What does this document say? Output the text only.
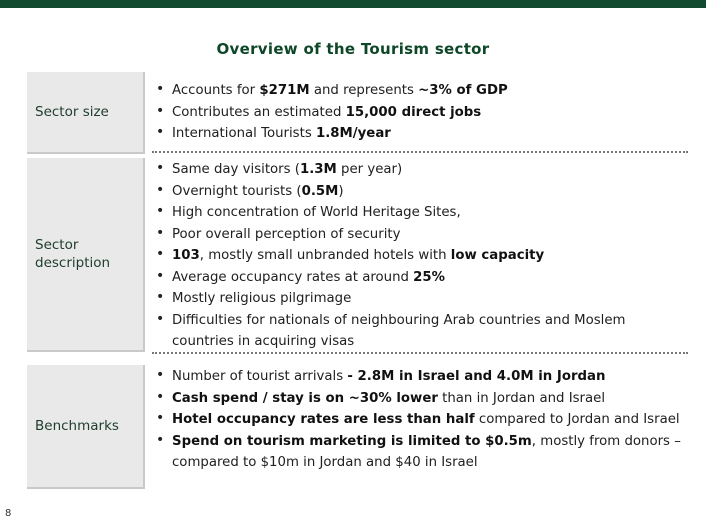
Overview of the Tourism sector
Sector size
• Accounts for $271M and represents ~3% of GDP
• Contributes an estimated 15,000 direct jobs
• International Tourists 1.8M/year
Sector description
• Same day visitors (1.3M per year)
• Overnight tourists (0.5M)
• High concentration of World Heritage Sites,
• Poor overall perception of security
• 103, mostly small unbranded hotels with low capacity
• Average occupancy rates at around 25%
• Mostly religious pilgrimage
• Difficulties for nationals of neighbouring Arab countries and Moslem countries in acquiring visas
Benchmarks
• Number of tourist arrivals - 2.8M in Israel and 4.0M in Jordan
• Cash spend / stay is on ~30% lower than in Jordan and Israel
• Hotel occupancy rates are less than half compared to Jordan and Israel
• Spend on tourism marketing is limited to $0.5m, mostly from donors – compared to $10m in Jordan and $40 in Israel
8
